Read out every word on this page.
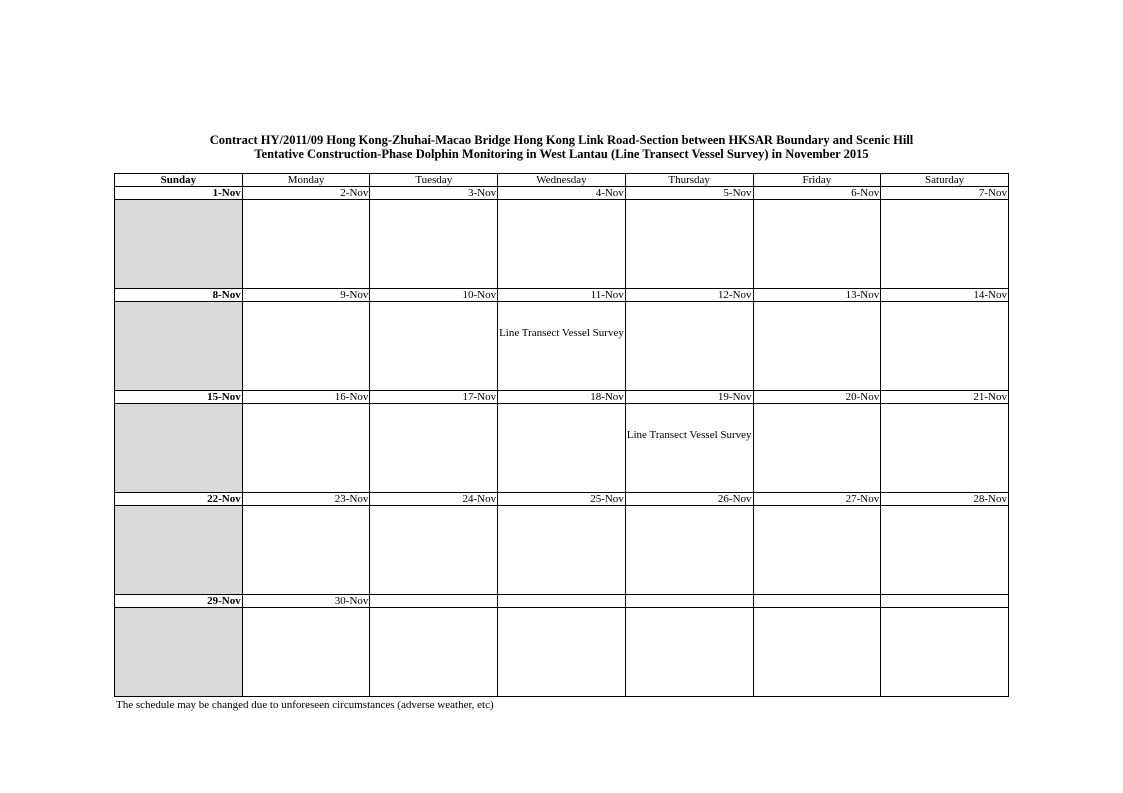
Contract HY/2011/09 Hong Kong-Zhuhai-Macao Bridge Hong Kong Link Road-Section between HKSAR Boundary and Scenic Hill
Tentative Construction-Phase Dolphin Monitoring in West Lantau (Line Transect Vessel Survey) in November 2015
Sunday	Monday	Tuesday	Wednesday	Thursday	Friday	Saturday
1-Nov	2-Nov	3-Nov	4-Nov	5-Nov	6-Nov	7-Nov

8-Nov	9-Nov	10-Nov	11-Nov	12-Nov	13-Nov	14-Nov

			Line Transect Vessel Survey			

15-Nov	16-Nov	17-Nov	18-Nov	19-Nov	20-Nov	21-Nov

				Line Transect Vessel Survey		

22-Nov	23-Nov	24-Nov	25-Nov	26-Nov	27-Nov	28-Nov

29-Nov	30-Nov					

The schedule may be changed due to unforeseen circumstances (adverse weather, etc)
